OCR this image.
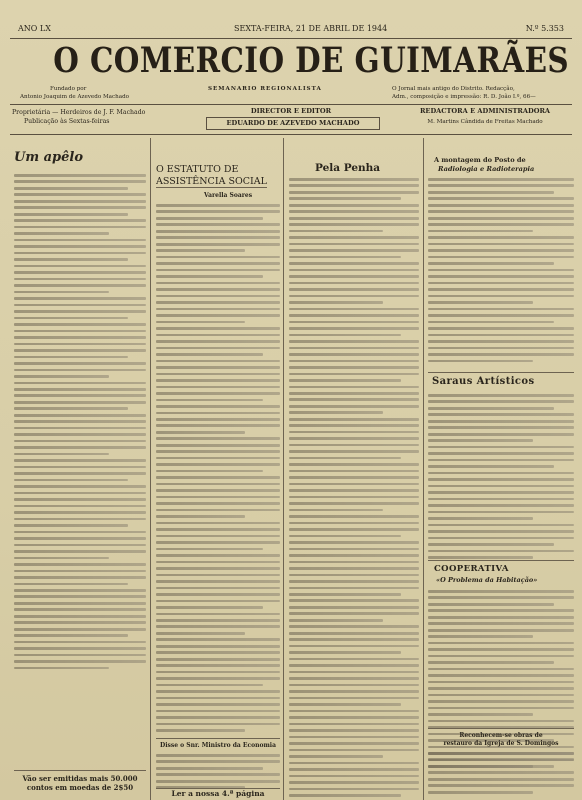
ANO LX	SEXTA-FEIRA, 21 DE ABRIL DE 1944	N.º 5.353
O COMERCIO DE GUIMARÃES
Fundado por
Antonio Joaquim de Azevedo Machado
SEMANARIO REGIONALISTA	O Jornal mais antigo do Distrito. Redacção,
Adm., composição e impressão: R. D. João I.º, 66—
Proprietária — Herdeiros de J. F. Machado
Publicação às Sextas-feiras
DIRECTOR E EDITOR
EDUARDO DE AZEVEDO MACHADO
REDACTORA E ADMINISTRADORA
M. Martins Cândida de Freitas Machado
Um apêlo
Vão ser emitidas mais 50.000 contos em moedas de 2$50
O ESTATUTO DE
ASSISTÊNCIA SOCIAL
Varella Soares
Disse o Snr. Ministro da Economia
Ler a nossa 4.ª página
Pela Penha
A montagem do Posto de
Radiologia e Radioterapia
Saraus Artísticos
COOPERATIVA
«O Problema da Habitação»
Reconhecem-se obras de
restauro da Igreja de S. Domingos
